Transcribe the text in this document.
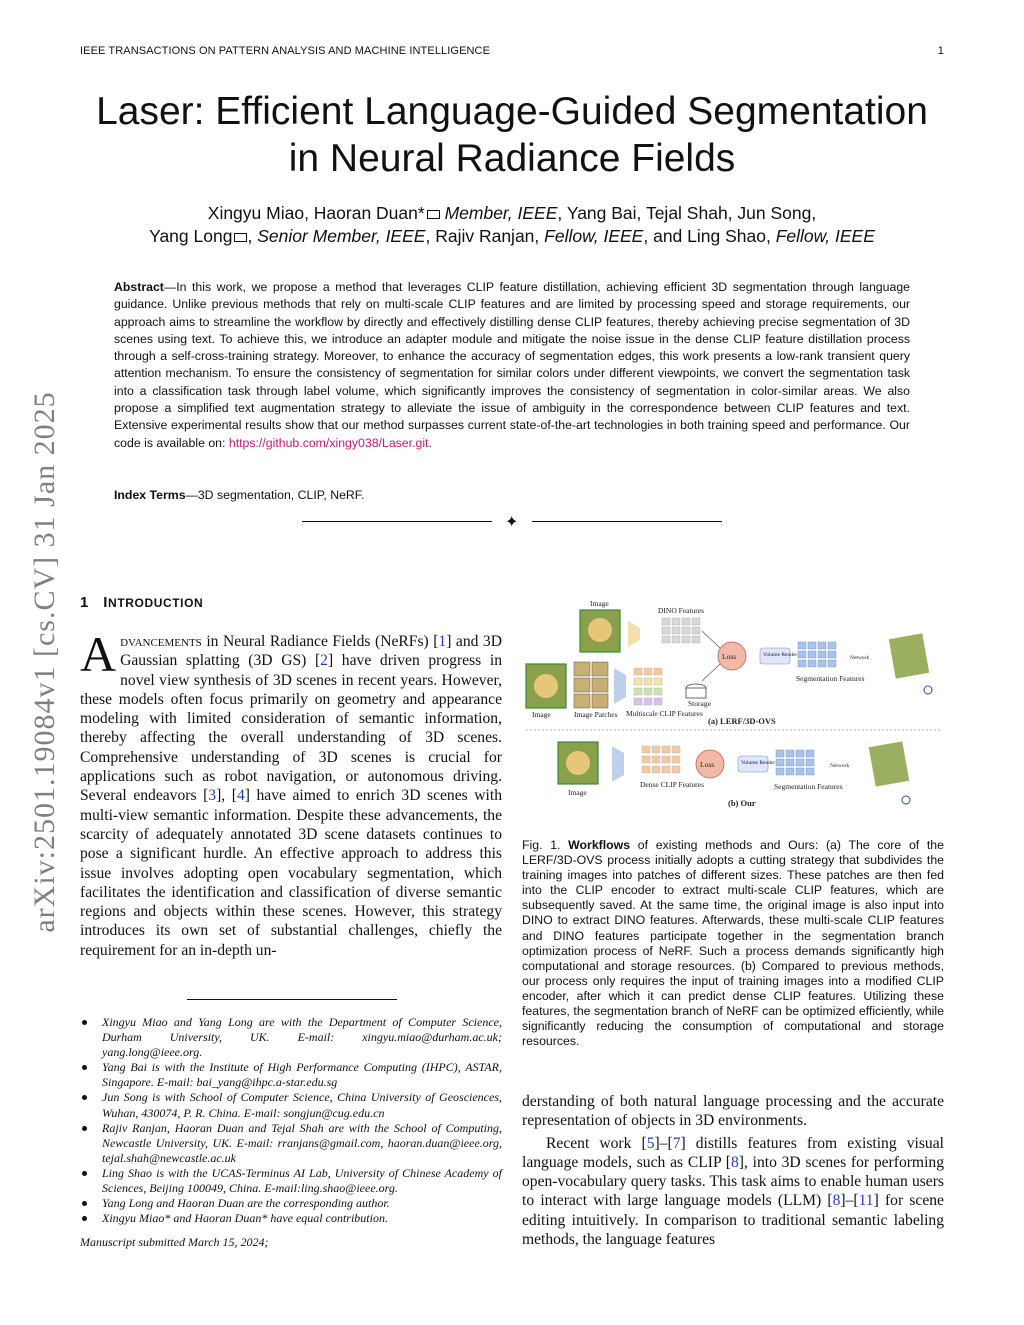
IEEE TRANSACTIONS ON PATTERN ANALYSIS AND MACHINE INTELLIGENCE	1
Laser: Efficient Language-Guided Segmentation
in Neural Radiance Fields
Xingyu Miao, Haoran Duan* Member, IEEE, Yang Bai, Tejal Shah, Jun Song,
Yang Long , Senior Member, IEEE, Rajiv Ranjan, Fellow, IEEE, and Ling Shao, Fellow, IEEE
Abstract—In this work, we propose a method that leverages CLIP feature distillation, achieving efficient 3D segmentation through language guidance. Unlike previous methods that rely on multi-scale CLIP features and are limited by processing speed and storage requirements, our approach aims to streamline the workflow by directly and effectively distilling dense CLIP features, thereby achieving precise segmentation of 3D scenes using text. To achieve this, we introduce an adapter module and mitigate the noise issue in the dense CLIP feature distillation process through a self-cross-training strategy. Moreover, to enhance the accuracy of segmentation edges, this work presents a low-rank transient query attention mechanism. To ensure the consistency of segmentation for similar colors under different viewpoints, we convert the segmentation task into a classification task through label volume, which significantly improves the consistency of segmentation in color-similar areas. We also propose a simplified text augmentation strategy to alleviate the issue of ambiguity in the correspondence between CLIP features and text. Extensive experimental results show that our method surpasses current state-of-the-art technologies in both training speed and performance. Our code is available on: https://github.com/xingy038/Laser.git.
Index Terms—3D segmentation, CLIP, NeRF.
✦
arXiv:2501.19084v1 [cs.CV] 31 Jan 2025 1 INTRODUCTION
Advancements in Neural Radiance Fields (NeRFs) [1] and 3D Gaussian splatting (3D GS) [2] have driven progress in novel view synthesis of 3D scenes in recent years. However, these models often focus primarily on geometry and appearance modeling with limited consideration of semantic information, thereby affecting the overall understanding of 3D scenes. Comprehensive understanding of 3D scenes is crucial for applications such as robot navigation, or autonomous driving. Several endeavors [3], [4] have aimed to enrich 3D scenes with multi-view semantic information. Despite these advancements, the scarcity of adequately annotated 3D scene datasets continues to pose a significant hurdle. An effective approach to address this issue involves adopting open vocabulary segmentation, which facilitates the identification and classification of diverse semantic regions and objects within these scenes. However, this strategy introduces its own set of substantial challenges, chiefly the requirement for an in-depth un-
Xingyu Miao and Yang Long are with the Department of Computer Science, Durham University, UK. E-mail: xingyu.miao@durham.ac.uk; yang.long@ieee.org.
Yang Bai is with the Institute of High Performance Computing (IHPC), ASTAR, Singapore. E-mail: bai_yang@ihpc.a-star.edu.sg
Jun Song is with School of Computer Science, China University of Geosciences, Wuhan, 430074, P. R. China. E-mail: songjun@cug.edu.cn
Rajiv Ranjan, Haoran Duan and Tejal Shah are with the School of Computing, Newcastle University, UK. E-mail: rranjans@gmail.com, haoran.duan@ieee.org, tejal.shah@newcastle.ac.uk
Ling Shao is with the UCAS-Terminus AI Lab, University of Chinese Academy of Sciences, Beijing 100049, China. E-mail:ling.shao@ieee.org.
Yang Long and Haoran Duan are the corresponding author.
Xingyu Miao* and Haoran Duan* have equal contribution.
Manuscript submitted March 15, 2024;
Image
DINO Features
Image	Image Patches Multiscale CLIP Features
Storage
Loss	Volume Render
Segmentation Features
Network
(a) LERF/3D-OVS
Image
Dense CLIP Features
Loss	Volume Render
Segmentation Features
Network
(b) Our
Fig. 1. Workflows of existing methods and Ours: (a) The core of the LERF/3D-OVS process initially adopts a cutting strategy that subdivides the training images into patches of different sizes. These patches are then fed into the CLIP encoder to extract multi-scale CLIP features, which are subsequently saved. At the same time, the original image is also input into DINO to extract DINO features. Afterwards, these multi-scale CLIP features and DINO features participate together in the segmentation branch optimization process of NeRF. Such a process demands significantly high computational and storage resources. (b) Compared to previous methods, our process only requires the input of training images into a modified CLIP encoder, after which it can predict dense CLIP features. Utilizing these features, the segmentation branch of NeRF can be optimized efficiently, while significantly reducing the consumption of computational and storage resources.
derstanding of both natural language processing and the accurate representation of objects in 3D environments.
Recent work [5]–[7] distills features from existing visual language models, such as CLIP [8], into 3D scenes for performing open-vocabulary query tasks. This task aims to enable human users to interact with large language models (LLM) [8]–[11] for scene editing intuitively. In comparison to traditional semantic labeling methods, the language features
